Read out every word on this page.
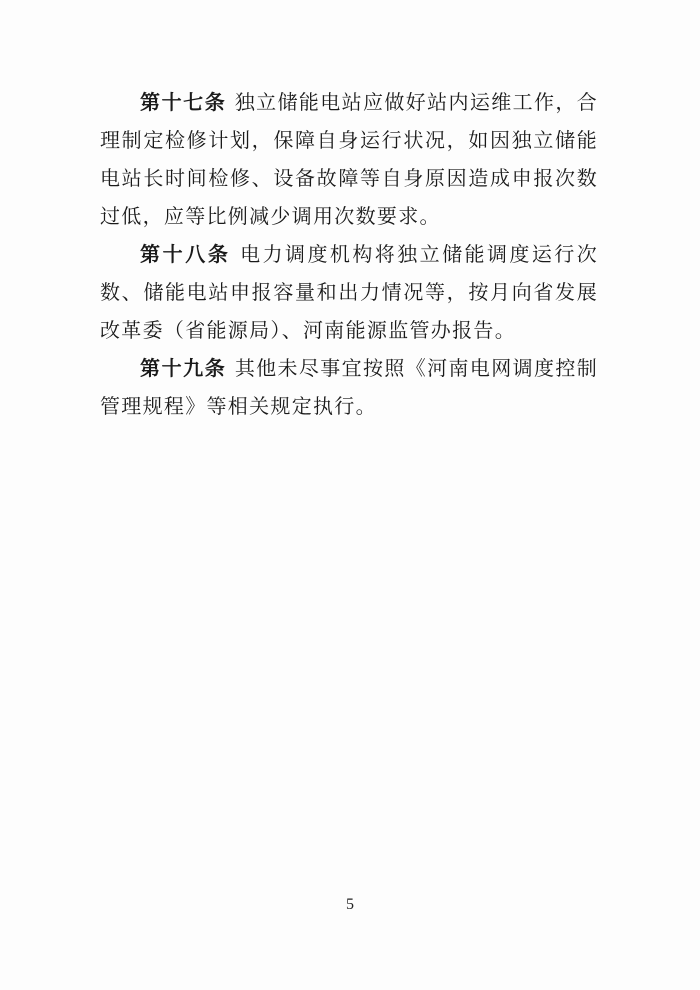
第十七条 独立储能电站应做好站内运维工作，合理制定检修计划，保障自身运行状况，如因独立储能电站长时间检修、设备故障等自身原因造成申报次数过低，应等比例减少调用次数要求。

第十八条 电力调度机构将独立储能调度运行次数、储能电站申报容量和出力情况等，按月向省发展改革委（省能源局）、河南能源监管办报告。

第十九条 其他未尽事宜按照《河南电网调度控制管理规程》等相关规定执行。

5
